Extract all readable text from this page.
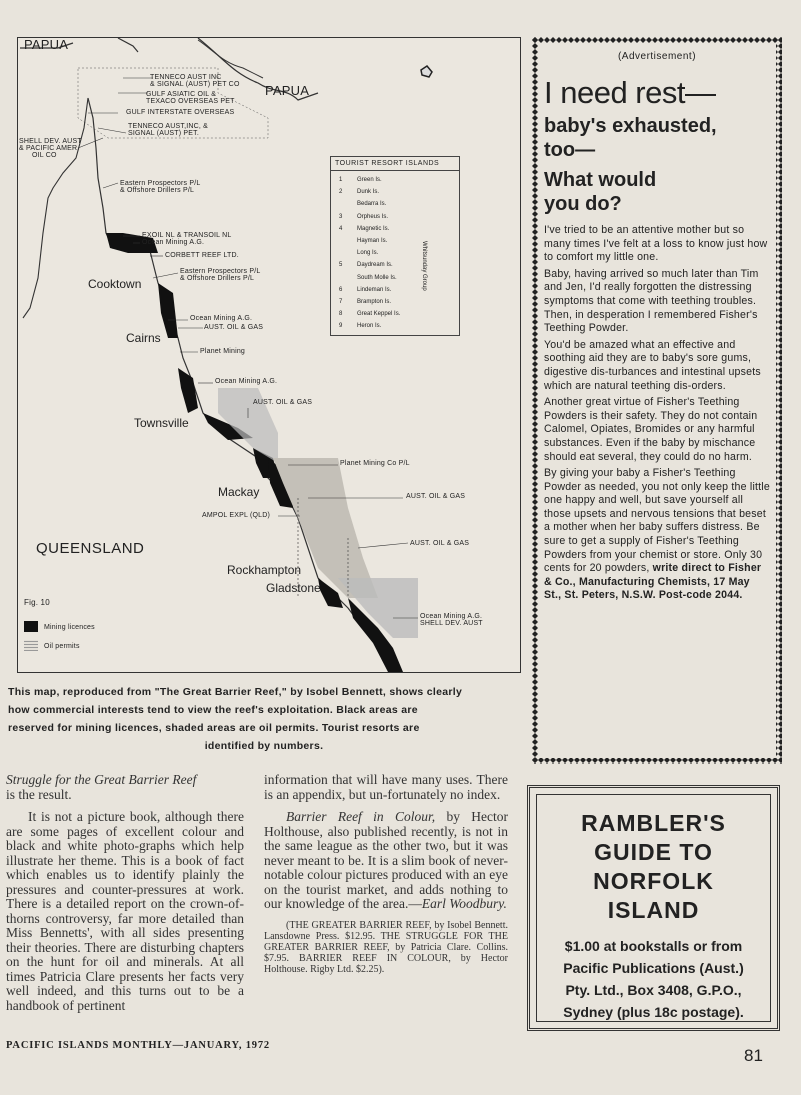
PAPUA
PAPUA
TENNECO AUST INC
& SIGNAL (AUST) PET CO
GULF ASIATIC OIL &
TEXACO OVERSEAS PET
GULF INTERSTATE OVERSEAS
TENNECO AUST,INC, &
SIGNAL (AUST) PET.
SHELL DEV. AUST
& PACIFIC AMER.
OIL CO
Eastern Prospectors P/L
& Offshore Drillers P/L
EXOIL NL & TRANSOIL NL
Ocean Mining A.G.
CORBETT REEF LTD.
Eastern Prospectors P/L
& Offshore Drillers P/L
Ocean Mining A.G.
AUST. OIL & GAS
Planet Mining
Ocean Mining A.G.
AUST. OIL & GAS
Planet Mining Co P/L
AUST. OIL & GAS
AMPOL EXPL (QLD)
AUST. OIL & GAS
Ocean Mining A.G.
SHELL DEV. AUST
Cooktown
Cairns
Townsville
Mackay
Rockhampton
Gladstone
QUEENSLAND
Fig. 10
Mining licences
Oil permits
TOURIST RESORT ISLANDS
1 Green Is.
2 Dunk Is.
Bedarra Is.
3 Orpheus Is.
4 Magnetic Is.
Hayman Is.
Long Is.
5 Daydream Is.
South Molle Is.
6 Lindeman Is.
7 Brampton Is.
8 Great Keppel Is.
9 Heron Is.
Whitsunday Group
This map, reproduced from "The Great Barrier Reef," by Isobel Bennett, shows clearly
how commercial interests tend to view the reef's exploitation. Black areas are
reserved for mining licences, shaded areas are oil permits. Tourist resorts are
identified by numbers.
(Advertisement)
I need rest—
baby's exhausted,
too—
What would
you do?

I've tried to be an attentive mother but so many times I've felt at a loss to know just how to comfort my little one.

Baby, having arrived so much later than Tim and Jen, I'd really forgotten the distressing symptoms that come with teething troubles. Then, in desperation I remembered Fisher's Teething Powder.

You'd be amazed what an effective and soothing aid they are to baby's sore gums, digestive dis-turbances and intestinal upsets which are natural teething dis-orders.

Another great virtue of Fisher's Teething Powders is their safety. They do not contain Calomel, Opiates, Bromides or any harmful substances. Even if the baby by mischance should eat several, they could do no harm.

By giving your baby a Fisher's Teething Powder as needed, you not only keep the little one happy and well, but save yourself all those upsets and nervous tensions that beset a mother when her baby suffers distress. Be sure to get a supply of Fisher's Teething Powders from your chemist or store. Only 30 cents for 20 powders, write direct to Fisher & Co., Manufacturing Chemists, 17 May St., St. Peters, N.S.W. Post-code 2044.

Struggle for the Great Barrier Reef

is the result.

It is not a picture book, although there are some pages of excellent colour and black and white photo-graphs which help illustrate her theme. This is a book of fact which enables us to identify plainly the pressures and counter-pressures at work. There is a detailed report on the crown-of-thorns controversy, far more detailed than Miss Bennetts', with all sides presenting their theories. There are disturbing chapters on the hunt for oil and minerals. At all times Patricia Clare presents her facts very well indeed, and this turns out to be a handbook of pertinent

information that will have many uses. There is an appendix, but un-fortunately no index.

Barrier Reef in Colour, by Hector Holthouse, also published recently, is not in the same league as the other two, but it was never meant to be. It is a slim book of never-notable colour pictures produced with an eye on the tourist market, and adds nothing to our knowledge of the area.—Earl Woodbury.

(THE GREATER BARRIER REEF, by Isobel Bennett. Lansdowne Press. $12.95. THE STRUGGLE FOR THE GREATER BARRIER REEF, by Patricia Clare. Collins. $7.95. BARRIER REEF IN COLOUR, by Hector Holthouse. Rigby Ltd. $2.25).

RAMBLER'S
GUIDE TO
NORFOLK
ISLAND
$1.00 at bookstalls or from
Pacific Publications (Aust.)
Pty. Ltd., Box 3408, G.P.O.,
Sydney (plus 18c postage).
PACIFIC ISLANDS MONTHLY—JANUARY, 1972
81
